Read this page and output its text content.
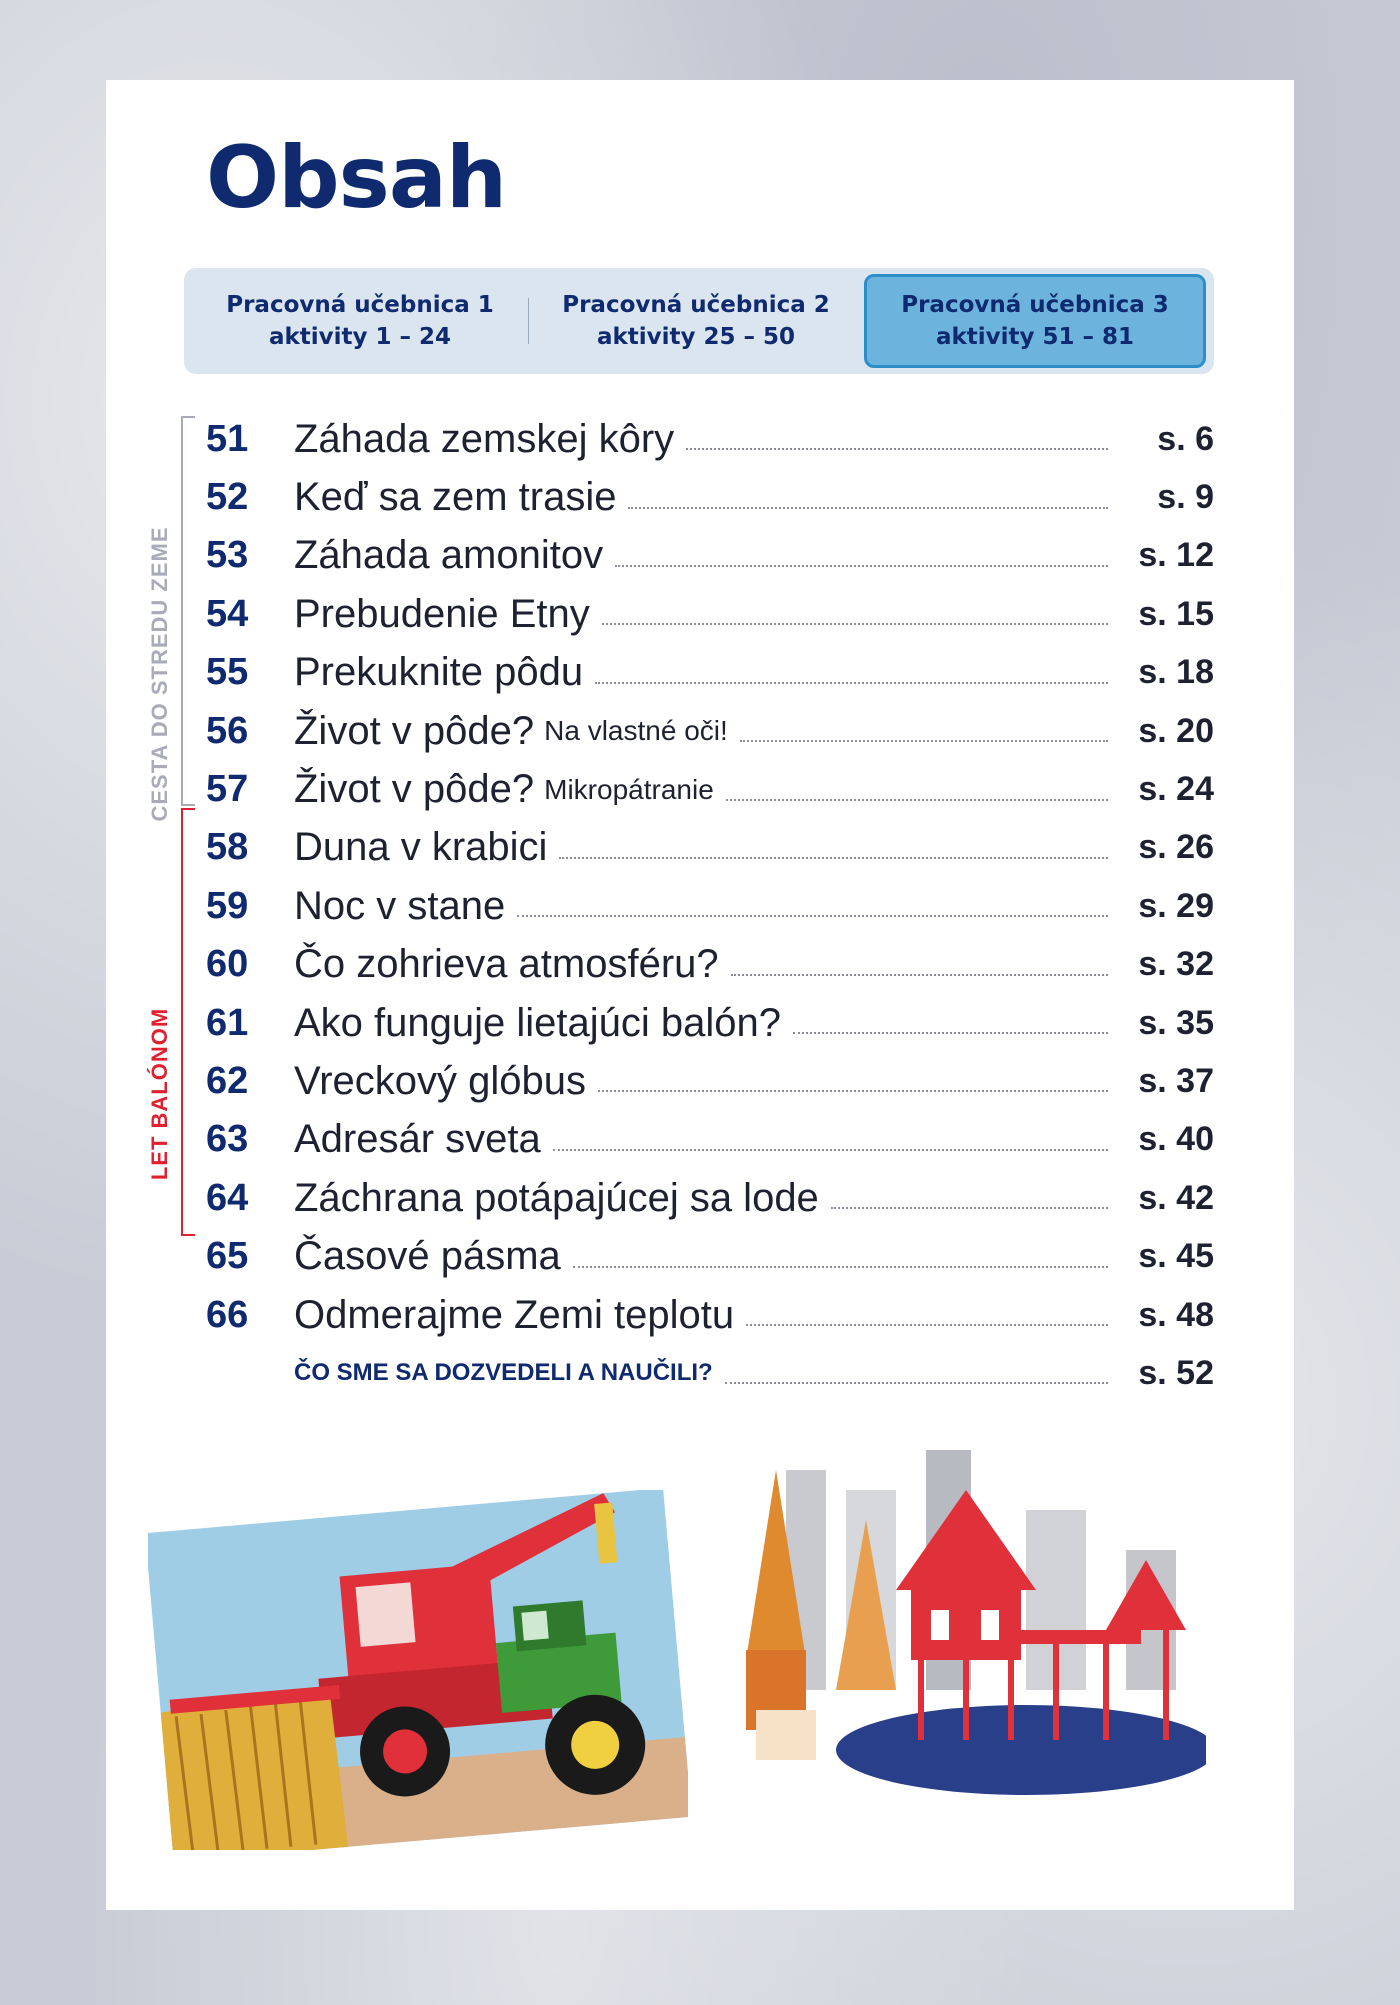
Obsah
Pracovná učebnica 1
aktivity 1 – 24
Pracovná učebnica 2
aktivity 25 – 50
Pracovná učebnica 3
aktivity 51 – 81
CESTA DO STREDU ZEME
LET BALÓNOM
51	Záhada zemskej kôry	s. 6
52	Keď sa zem trasie	s. 9
53	Záhada amonitov	s. 12
54	Prebudenie Etny	s. 15
55	Prekuknite pôdu	s. 18
56	Život v pôde? Na vlastné oči!	s. 20
57	Život v pôde? Mikropátranie	s. 24
58	Duna v krabici	s. 26
59	Noc v stane	s. 29
60	Čo zohrieva atmosféru?	s. 32
61	Ako funguje lietajúci balón?	s. 35
62	Vreckový glóbus	s. 37
63	Adresár sveta	s. 40
64	Záchrana potápajúcej sa lode	s. 42
65	Časové pásma	s. 45
66	Odmerajme Zemi teplotu	s. 48
ČO SME SA DOZVEDELI A NAUČILI?	s. 52
